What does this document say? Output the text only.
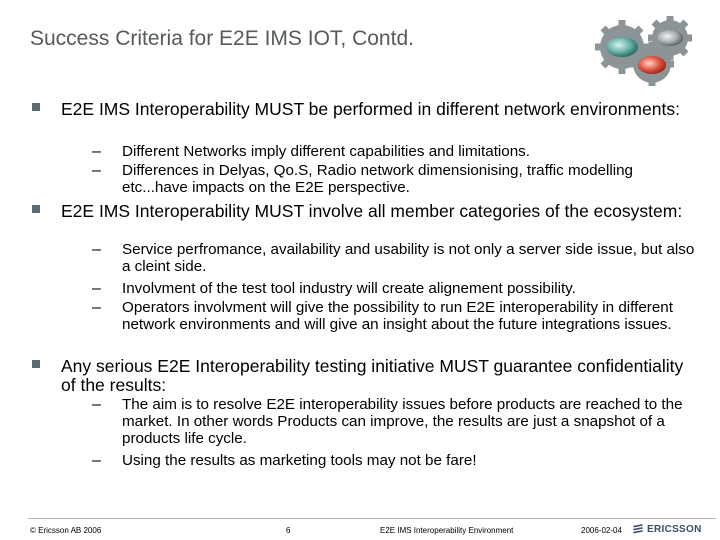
Success Criteria for E2E IMS IOT, Contd.
E2E IMS Interoperability MUST be performed in different network environments:
– Different Networks imply different capabilities and limitations.
– Differences in Delyas, Qo.S, Radio network dimensionising, traffic modelling etc...have impacts on the E2E perspective.
E2E IMS Interoperability MUST involve all member categories of the ecosystem:
– Service perfromance, availability and usability is not only a server side issue, but also a cleint side.
– Involvment of the test tool industry will create alignement possibility.
– Operators involvment will give the possibility to run E2E interoperability in different network environments and will give an insight about the future integrations issues.
Any serious E2E Interoperability testing initiative MUST guarantee confidentiality of the results:
– The aim is to resolve E2E interoperability issues before products are reached to the market. In other words Products can improve, the results are just a snapshot of a products life cycle.
– Using the results as marketing tools may not be fare!
© Ericsson AB 2006	6	E2E IMS Interoperability Environment	2006-02-04	ERICSSON
